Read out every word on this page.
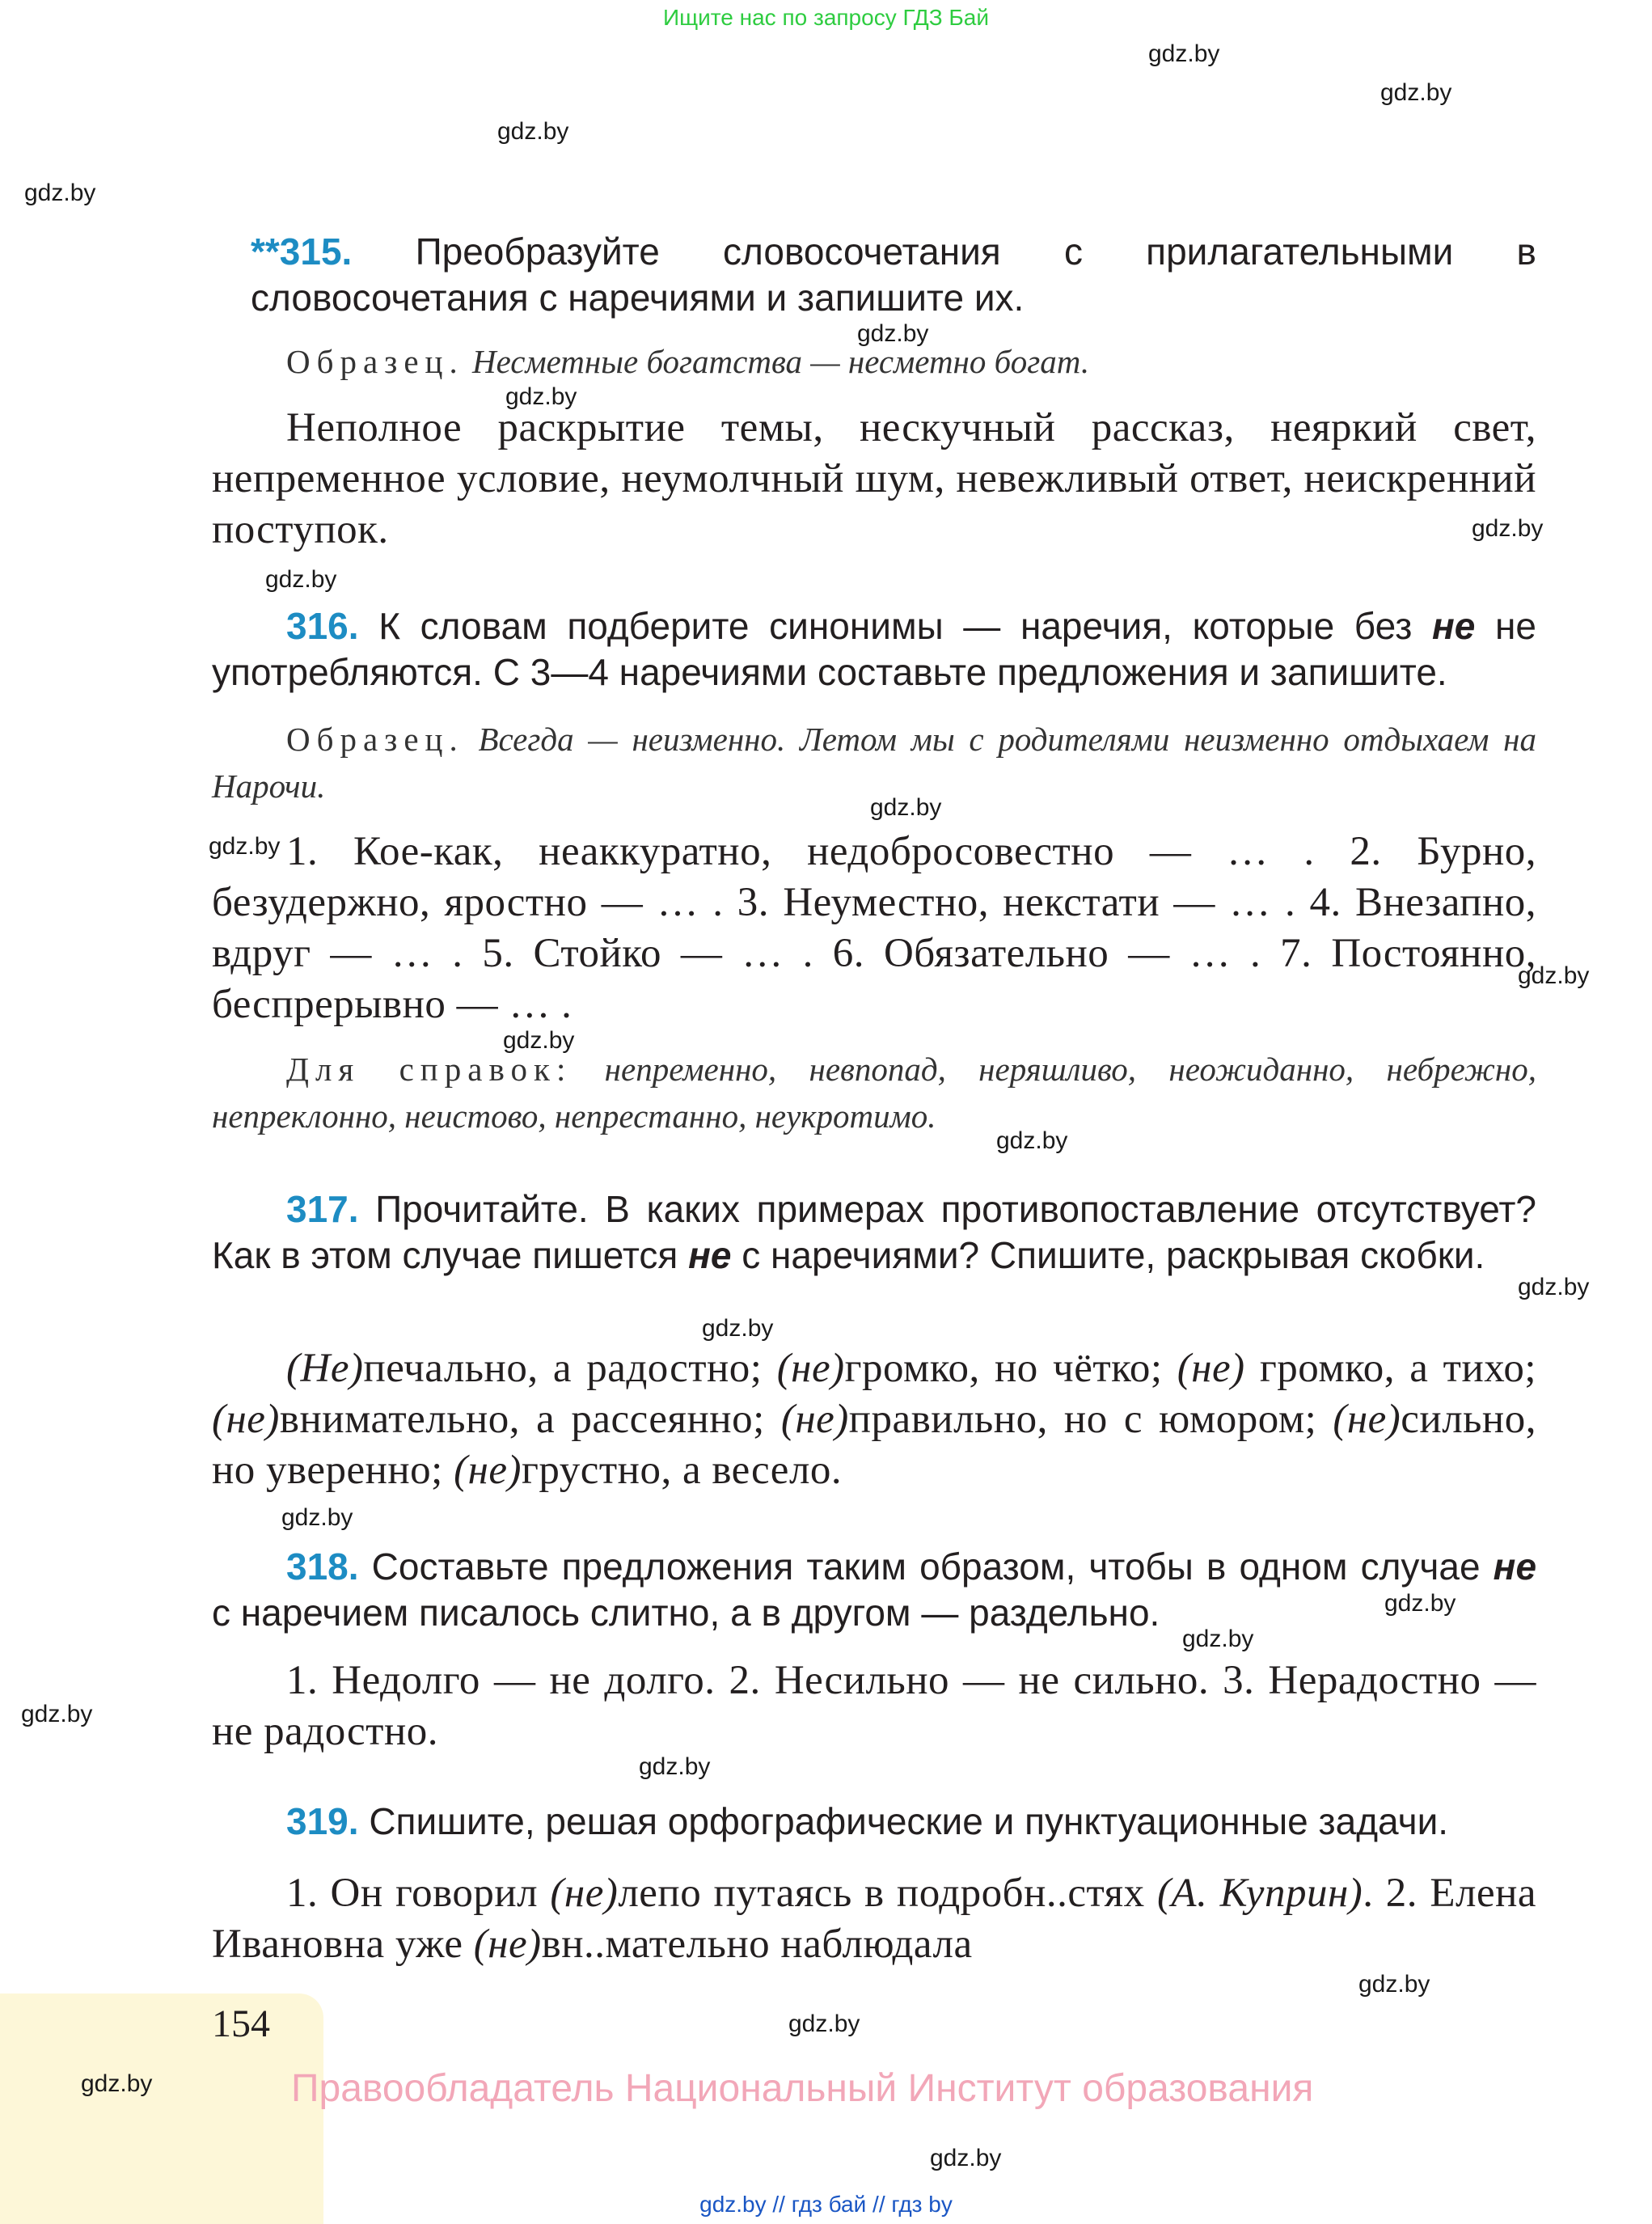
Ищите нас по запросу ГДЗ Бай
gdz.by
gdz.by
gdz.by
gdz.by
gdz.by
gdz.by
gdz.by
gdz.by
gdz.by
gdz.by
gdz.by
gdz.by
gdz.by
gdz.by
gdz.by
gdz.by
gdz.by
gdz.by
gdz.by
gdz.by
gdz.by
gdz.by
gdz.by
gdz.by

**315. Преобразуйте словосочетания с прилагательными в словосочетания с наречиями и запишите их.

Образец. Несметные богатства — несметно богат.

Неполное раскрытие темы, нескучный рассказ, неяркий свет, непременное условие, неумолчный шум, невежливый ответ, неискренний поступок.

316. К словам подберите синонимы — наречия, которые без не не употребляются. С 3—4 наречиями составьте предложения и запишите.

Образец. Всегда — неизменно. Летом мы с родителями неизменно отдыхаем на Нарочи.

1. Кое-как, неаккуратно, недобросовестно — … . 2. Бурно, безудержно, яростно — … . 3. Неуместно, некстати — … . 4. Внезапно, вдруг — … . 5. Стойко — … . 6. Обязательно — … . 7. Постоянно, беспрерывно — … .

Для справок: непременно, невпопад, неряшливо, неожиданно, небрежно, непреклонно, неистово, непрестанно, неукротимо.

317. Прочитайте. В каких примерах противопоставление отсутствует? Как в этом случае пишется не с наречиями? Спишите, раскрывая скобки.

(Не)печально, а радостно; (не)громко, но чётко; (не) громко, а тихо; (не)внимательно, а рассеянно; (не)правильно, но с юмором; (не)сильно, но уверенно; (не)грустно, а весело.

318. Составьте предложения таким образом, чтобы в одном случае не с наречием писалось слитно, а в другом — раздельно.

1. Недолго — не долго. 2. Несильно — не сильно. 3. Нерадостно — не радостно.

319. Спишите, решая орфографические и пунктуационные задачи.

1. Он говорил (не)лепо путаясь в подробн..стях (А. Куприн). 2. Елена Ивановна уже (не)вн..мательно наблюдала

154
Правообладатель Национальный Институт образования
gdz.by // гдз бай // гдз by
